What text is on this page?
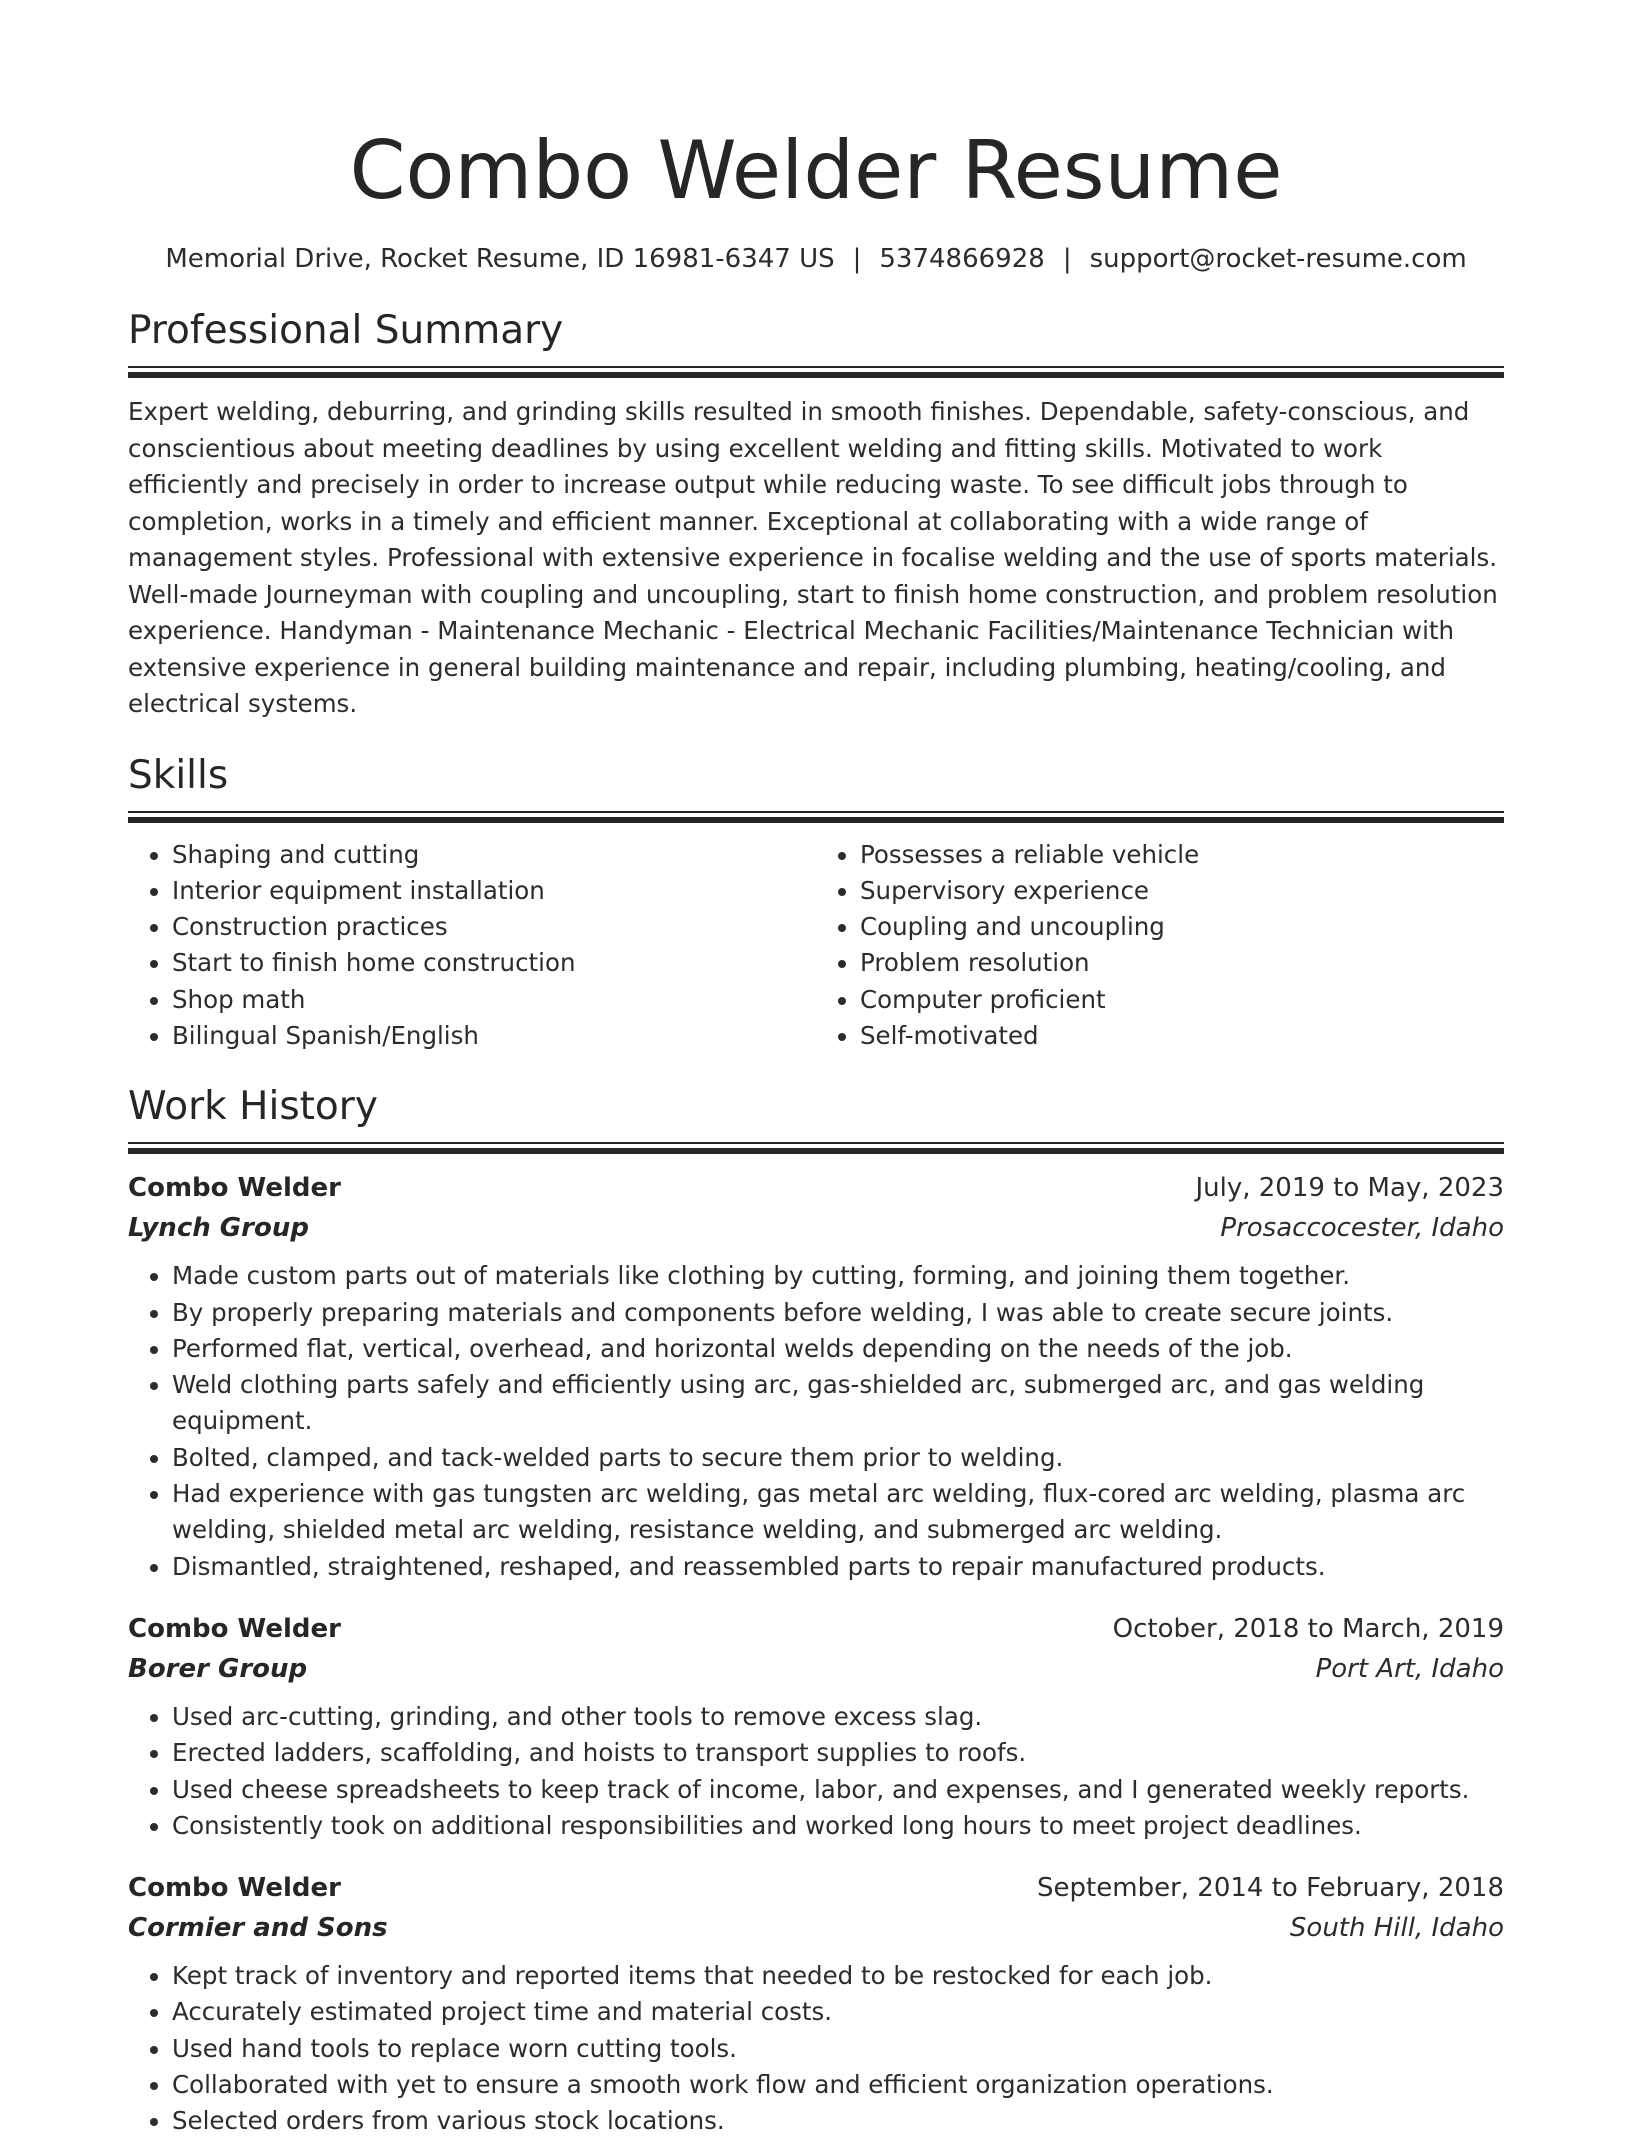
Combo Welder Resume
Memorial Drive, Rocket Resume, ID 16981-6347 US | 5374866928 | support@rocket-resume.com
Professional Summary
Expert welding, deburring, and grinding skills resulted in smooth finishes. Dependable, safety-conscious, and conscientious about meeting deadlines by using excellent welding and fitting skills. Motivated to work efficiently and precisely in order to increase output while reducing waste. To see difficult jobs through to completion, works in a timely and efficient manner. Exceptional at collaborating with a wide range of management styles. Professional with extensive experience in focalise welding and the use of sports materials. Well-made Journeyman with coupling and uncoupling, start to finish home construction, and problem resolution experience. Handyman - Maintenance Mechanic - Electrical Mechanic Facilities/Maintenance Technician with extensive experience in general building maintenance and repair, including plumbing, heating/cooling, and electrical systems.
Skills
• Shaping and cutting
• Interior equipment installation
• Construction practices
• Start to finish home construction
• Shop math
• Bilingual Spanish/English
• Possesses a reliable vehicle
• Supervisory experience
• Coupling and uncoupling
• Problem resolution
• Computer proficient
• Self-motivated
Work History
Combo Welder	July, 2019 to May, 2023
Lynch Group	Prosaccocester, Idaho
• Made custom parts out of materials like clothing by cutting, forming, and joining them together.
• By properly preparing materials and components before welding, I was able to create secure joints.
• Performed flat, vertical, overhead, and horizontal welds depending on the needs of the job.
• Weld clothing parts safely and efficiently using arc, gas-shielded arc, submerged arc, and gas welding equipment.
• Bolted, clamped, and tack-welded parts to secure them prior to welding.
• Had experience with gas tungsten arc welding, gas metal arc welding, flux-cored arc welding, plasma arc welding, shielded metal arc welding, resistance welding, and submerged arc welding.
• Dismantled, straightened, reshaped, and reassembled parts to repair manufactured products.
Combo Welder	October, 2018 to March, 2019
Borer Group	Port Art, Idaho
• Used arc-cutting, grinding, and other tools to remove excess slag.
• Erected ladders, scaffolding, and hoists to transport supplies to roofs.
• Used cheese spreadsheets to keep track of income, labor, and expenses, and I generated weekly reports.
• Consistently took on additional responsibilities and worked long hours to meet project deadlines.
Combo Welder	September, 2014 to February, 2018
Cormier and Sons	South Hill, Idaho
• Kept track of inventory and reported items that needed to be restocked for each job.
• Accurately estimated project time and material costs.
• Used hand tools to replace worn cutting tools.
• Collaborated with yet to ensure a smooth work flow and efficient organization operations.
• Selected orders from various stock locations.
